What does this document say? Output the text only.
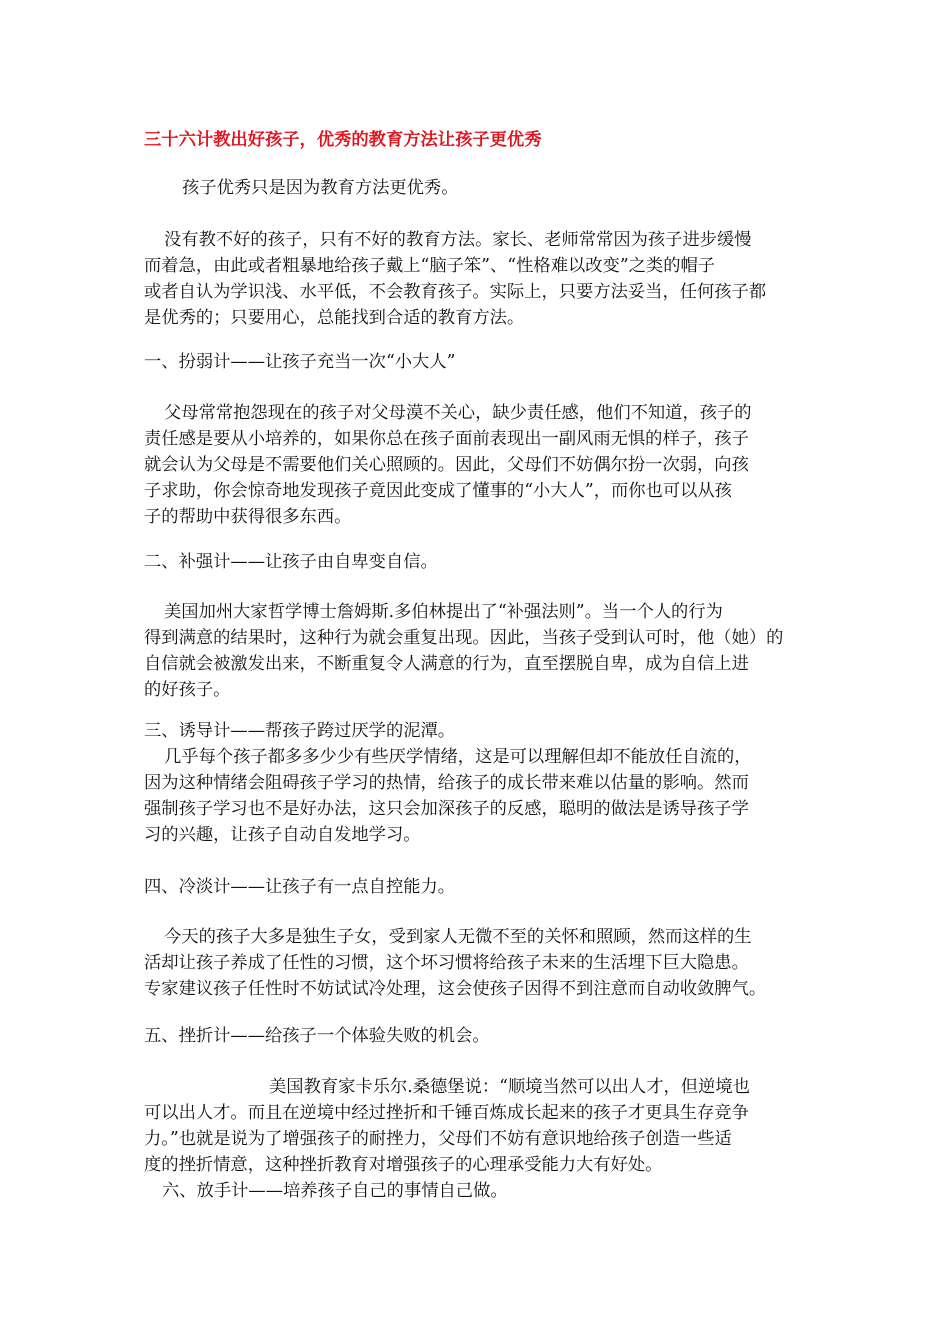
三十六计教出好孩子，优秀的教育方法让孩子更优秀
孩子优秀只是因为教育方法更优秀。
没有教不好的孩子，只有不好的教育方法。家长、老师常常因为孩子进步缓慢
而着急，由此或者粗暴地给孩子戴上“脑子笨”、“性格难以改变”之类的帽子
或者自认为学识浅、水平低，不会教育孩子。实际上，只要方法妥当，任何孩子都
是优秀的；只要用心，总能找到合适的教育方法。
一、扮弱计——让孩子充当一次“小大人”
父母常常抱怨现在的孩子对父母漠不关心，缺少责任感，他们不知道，孩子的
责任感是要从小培养的，如果你总在孩子面前表现出一副风雨无惧的样子，孩子
就会认为父母是不需要他们关心照顾的。因此，父母们不妨偶尔扮一次弱，向孩
子求助，你会惊奇地发现孩子竟因此变成了懂事的“小大人”，而你也可以从孩
子的帮助中获得很多东西。
二、补强计——让孩子由自卑变自信。
美国加州大家哲学博士詹姆斯.多伯林提出了“补强法则”。当一个人的行为
得到满意的结果时，这种行为就会重复出现。因此，当孩子受到认可时，他（她）的
自信就会被激发出来，不断重复令人满意的行为，直至摆脱自卑，成为自信上进
的好孩子。
三、诱导计——帮孩子跨过厌学的泥潭。
几乎每个孩子都多多少少有些厌学情绪，这是可以理解但却不能放任自流的，
因为这种情绪会阻碍孩子学习的热情，给孩子的成长带来难以估量的影响。然而
强制孩子学习也不是好办法，这只会加深孩子的反感，聪明的做法是诱导孩子学
习的兴趣，让孩子自动自发地学习。
四、冷淡计——让孩子有一点自控能力。
今天的孩子大多是独生子女，受到家人无微不至的关怀和照顾，然而这样的生
活却让孩子养成了任性的习惯，这个坏习惯将给孩子未来的生活埋下巨大隐患。
专家建议孩子任性时不妨试试冷处理，这会使孩子因得不到注意而自动收敛脾气。
五、挫折计——给孩子一个体验失败的机会。
美国教育家卡乐尔.桑德堡说：“顺境当然可以出人才，但逆境也
可以出人才。而且在逆境中经过挫折和千锤百炼成长起来的孩子才更具生存竞争
力。”也就是说为了增强孩子的耐挫力，父母们不妨有意识地给孩子创造一些适
度的挫折情意，这种挫折教育对增强孩子的心理承受能力大有好处。
六、放手计——培养孩子自己的事情自己做。
